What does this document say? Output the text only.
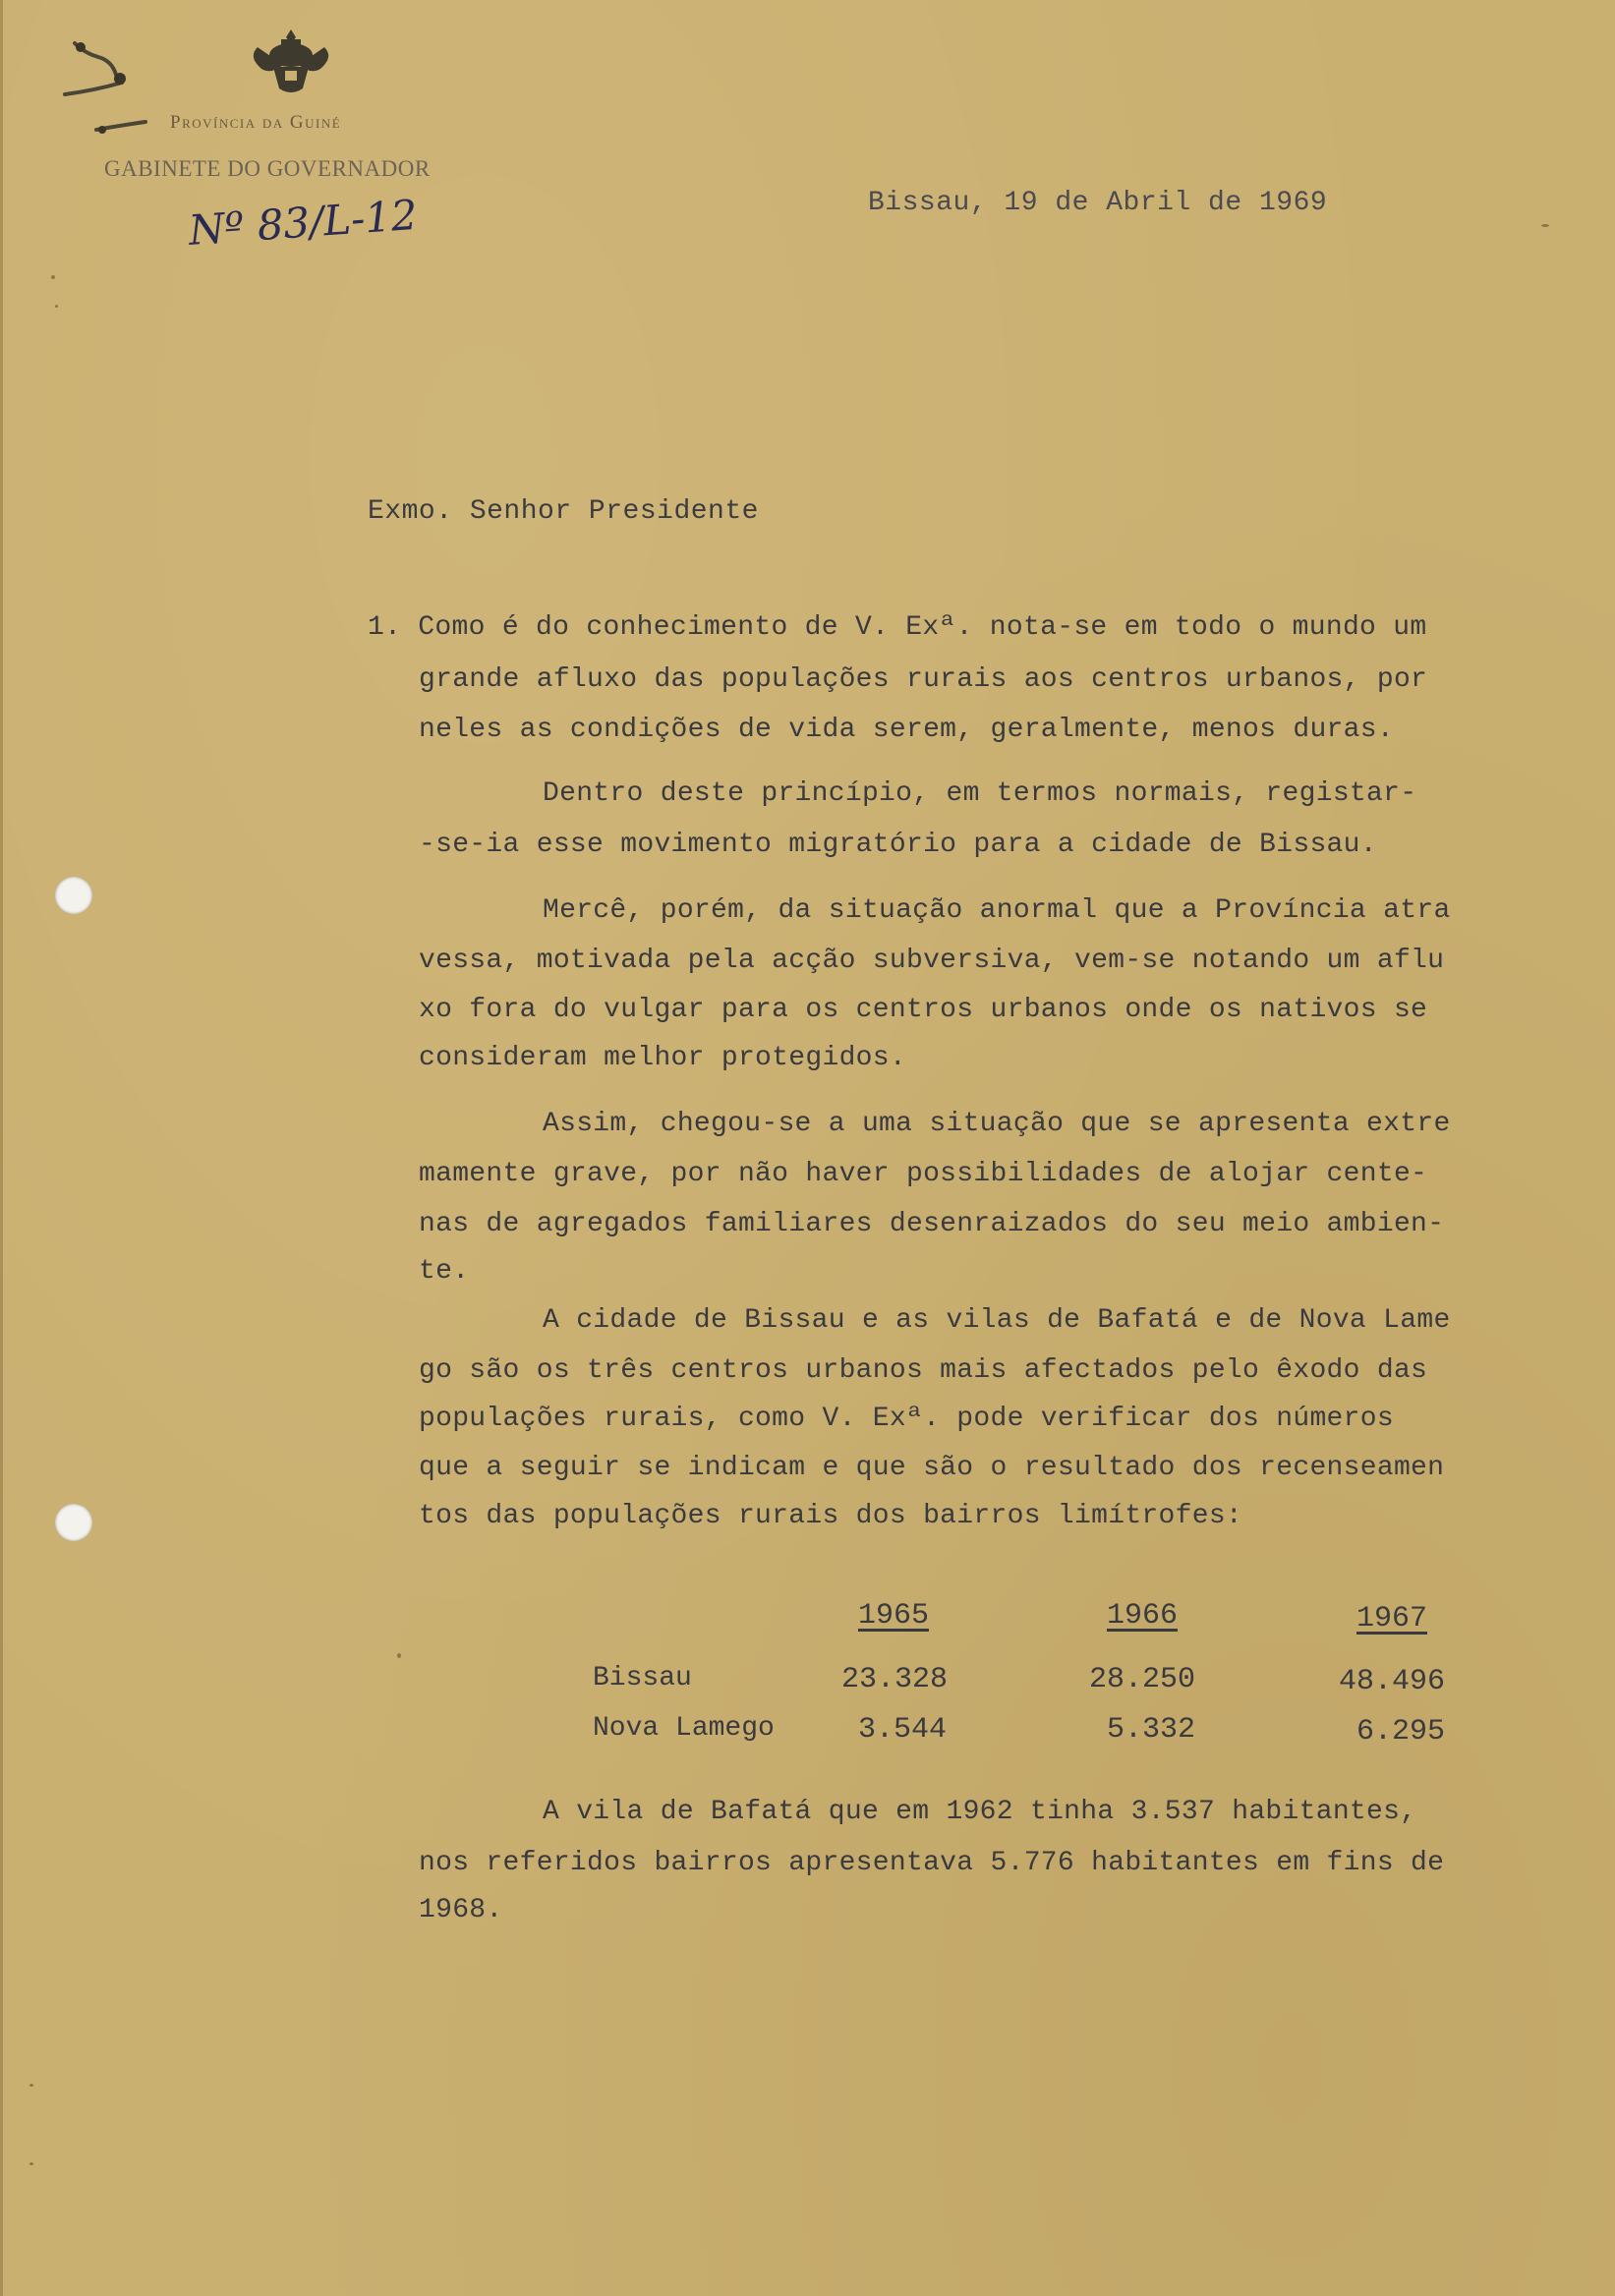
Província da Guiné
GABINETE DO GOVERNADOR
Nº 83/L-12	Bissau, 19 de Abril de 1969
Exmo. Senhor Presidente
1. Como é do conhecimento de V. Exª. nota-se em todo o mundo um
grande afluxo das populações rurais aos centros urbanos, por
neles as condições de vida serem, geralmente, menos duras.
Dentro deste princípio, em termos normais, registar-
-se-ia esse movimento migratório para a cidade de Bissau.
Mercê, porém, da situação anormal que a Província atra
vessa, motivada pela acção subversiva, vem-se notando um aflu
xo fora do vulgar para os centros urbanos onde os nativos se
consideram melhor protegidos.
Assim, chegou-se a uma situação que se apresenta extre
mamente grave, por não haver possibilidades de alojar cente-
nas de agregados familiares desenraizados do seu meio ambien-
te.
A cidade de Bissau e as vilas de Bafatá e de Nova Lame
go são os três centros urbanos mais afectados pelo êxodo das
populações rurais, como V. Exª. pode verificar dos números
que a seguir se indicam e que são o resultado dos recenseamen
tos das populações rurais dos bairros limítrofes:
1965	1966	1967
Bissau	23.328	28.250	48.496
Nova Lamego	3.544	5.332	6.295
A vila de Bafatá que em 1962 tinha 3.537 habitantes,
nos referidos bairros apresentava 5.776 habitantes em fins de
1968.
